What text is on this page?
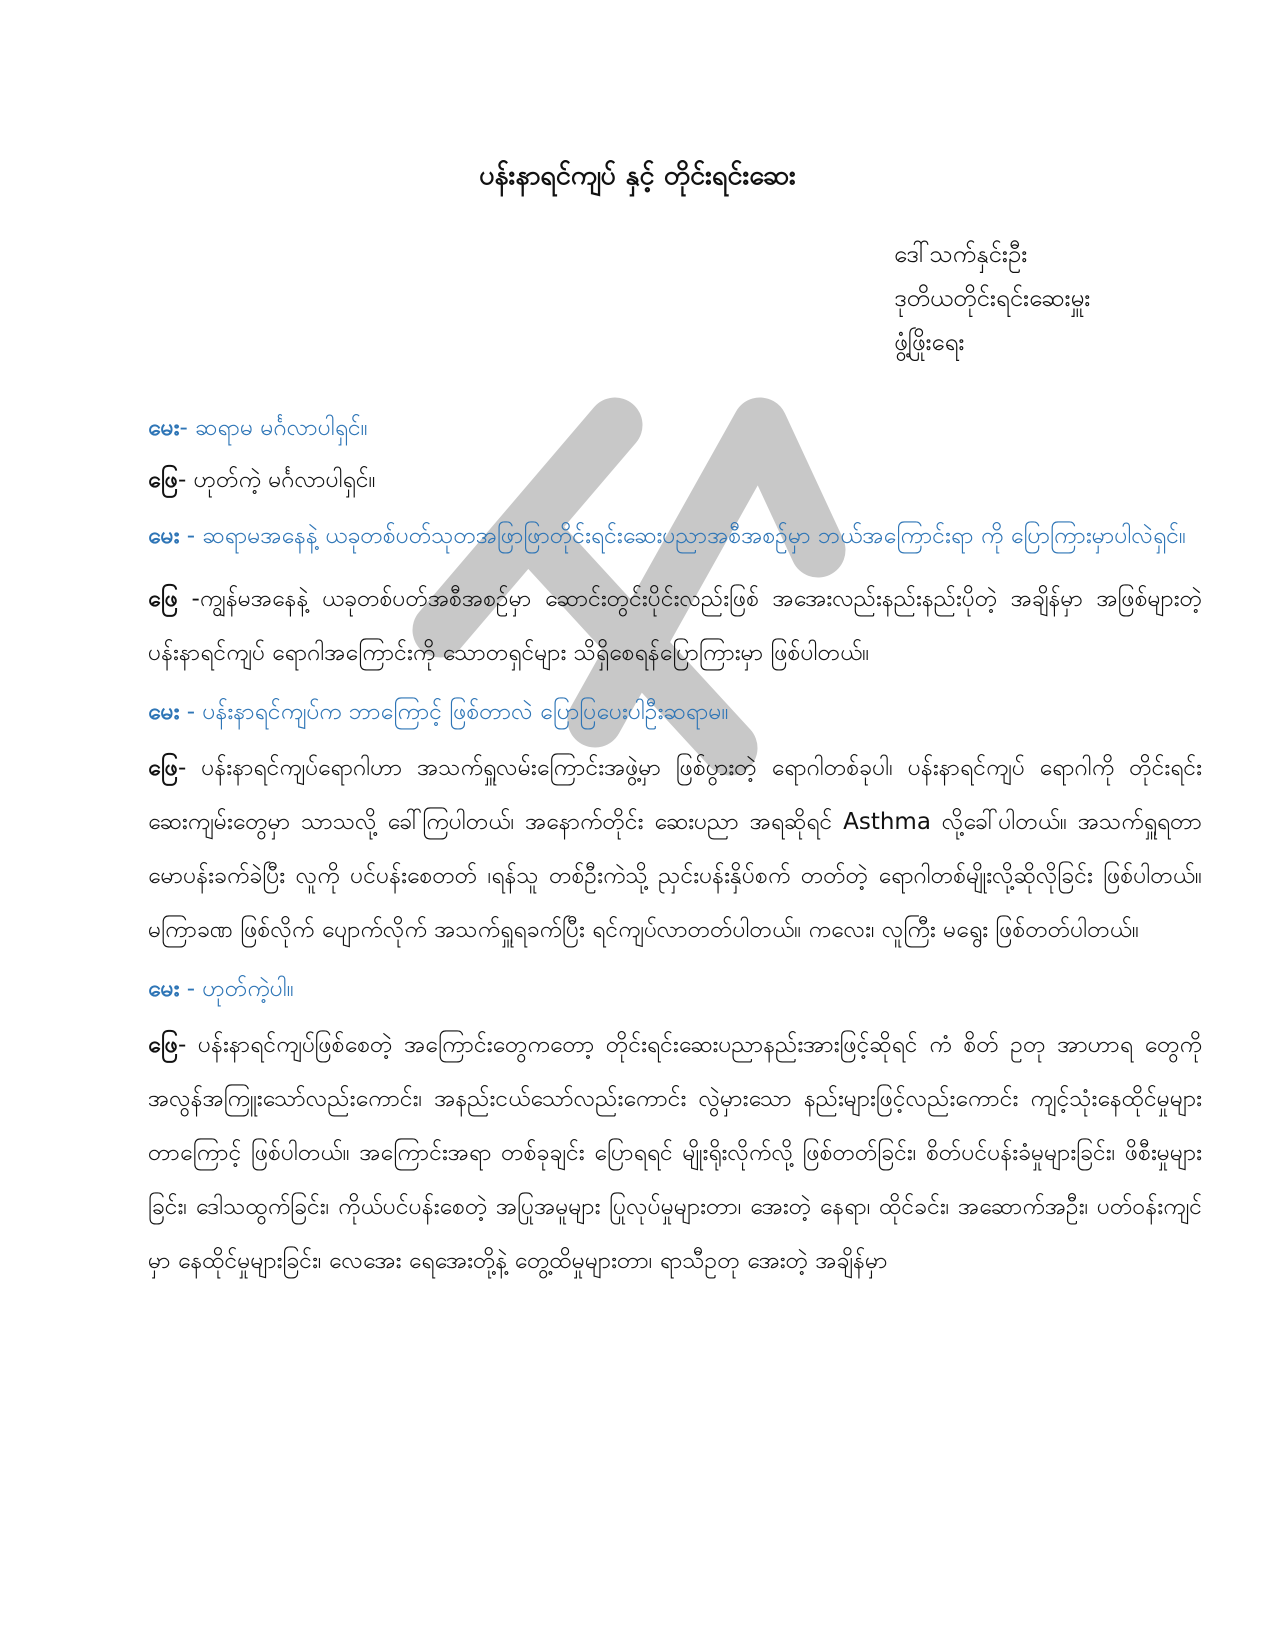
ပန်းနာရင်ကျပ် နှင့် တိုင်းရင်းဆေး
ဒေါ်သက်နှင်းဦး
ဒုတိယတိုင်းရင်းဆေးမှူး
ဖွံ့ဖြိုးရေး

မေး- ဆရာမ မင်္ဂလာပါရှင်။

ဖြေ- ဟုတ်ကဲ့ မင်္ဂလာပါရှင်။

မေး - ဆရာမအနေနဲ့ ယခုတစ်ပတ်သုတအဖြာဖြာတိုင်းရင်းဆေးပညာအစီအစဉ်မှာ ဘယ်အကြောင်းရာ ကို ပြောကြားမှာပါလဲရှင်။

ဖြေ -ကျွန်မအနေနဲ့ ယခုတစ်ပတ်အစီအစဉ်မှာ ဆောင်းတွင်းပိုင်းလည်းဖြစ် အအေးလည်းနည်းနည်းပိုတဲ့ အချိန်မှာ အဖြစ်များတဲ့ ပန်းနာရင်ကျပ် ရောဂါအကြောင်းကို သောတရှင်များ သိရှိစေရန်ပြောကြားမှာ ဖြစ်ပါတယ်။

မေး - ပန်းနာရင်ကျပ်က ဘာကြောင့် ဖြစ်တာလဲ ပြောပြပေးပါဦးဆရာမ။

ဖြေ- ပန်းနာရင်ကျပ်ရောဂါဟာ အသက်ရှူလမ်းကြောင်းအဖွဲ့မှာ ဖြစ်ပွားတဲ့ ရောဂါတစ်ခုပါ၊ ပန်းနာရင်ကျပ် ရောဂါကို တိုင်းရင်းဆေးကျမ်းတွေမှာ သာသလို့ ခေါ်ကြပါတယ်၊ အနောက်တိုင်း ဆေးပညာ အရဆိုရင် Asthma လို့ခေါ်ပါတယ်။ အသက်ရှူရတာမောပန်းခက်ခဲပြီး လူကို ပင်ပန်းစေတတ် ၊ရန်သူ တစ်ဦးကဲသို့ ညှင်းပန်းနှိပ်စက် တတ်တဲ့ ရောဂါတစ်မျိုးလို့ဆိုလိုခြင်း ဖြစ်ပါတယ်။ မကြာခဏ ဖြစ်လိုက် ပျောက်လိုက် အသက်ရှူရခက်ပြီး ရင်ကျပ်လာတတ်ပါတယ်။ ကလေး၊ လူကြီး မရွေး ဖြစ်တတ်ပါတယ်။

မေး - ဟုတ်ကဲ့ပါ။

ဖြေ- ပန်းနာရင်ကျပ်ဖြစ်စေတဲ့ အကြောင်းတွေကတော့ တိုင်းရင်းဆေးပညာနည်းအားဖြင့်ဆိုရင် ကံ စိတ် ဥတု အာဟာရ တွေကို အလွန်အကြူးသော်လည်းကောင်း၊ အနည်းငယ်သော်လည်းကောင်း လွဲမှားသော နည်းများဖြင့်လည်းကောင်း ကျင့်သုံးနေထိုင်မှုများတာကြောင့် ဖြစ်ပါတယ်။ အကြောင်းအရာ တစ်ခုချင်း ပြောရရင် မျိုးရိုးလိုက်လို့ ဖြစ်တတ်ခြင်း၊ စိတ်ပင်ပန်းခံမှုများခြင်း၊ ဖိစီးမှုများခြင်း၊ ဒေါသထွက်ခြင်း၊ ကိုယ်ပင်ပန်းစေတဲ့ အပြုအမူများ ပြုလုပ်မှုများတာ၊ အေးတဲ့ နေရာ၊ ထိုင်ခင်း၊ အဆောက်အဦး၊ ပတ်ဝန်းကျင်မှာ နေထိုင်မှုများခြင်း၊ လေအေး ရေအေးတို့နဲ့ တွေ့ထိမှုများတာ၊ ရာသီဥတု အေးတဲ့ အချိန်မှာ
